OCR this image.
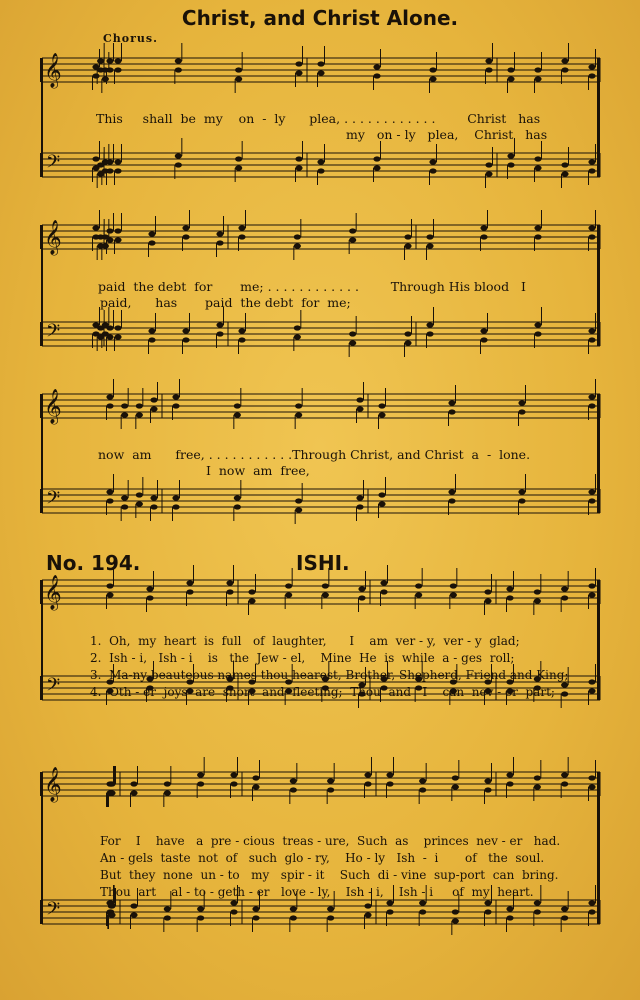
Christ, and Christ Alone.
Chorus.
𝄞
𝄢
𝄞
𝄢
𝄞
𝄢
𝄞
𝄢
𝄞
𝄢
This     shall  be  my    on  -  ly      plea, . . . . . . . . . . . .        Christ   has
my   on - ly   plea,    Christ   has
paid  the debt  for       me; . . . . . . . . . . . .        Through His blood   I
paid,      has       paid  the debt  for  me;
now  am      free, . . . . . . . . . . .Through Christ, and Christ  a  -  lone.
I  now  am  free,
No. 194.	ISHI.
1.  Oh,  my  heart  is  full   of  laughter,      I    am  ver - y,  ver - y  glad;
2.  Ish - i,   Ish - i    is   the  Jew - el,    Mine  He  is  while  a - ges  roll;
3.  Ma-ny beauteous names thou hearest, Brother, Shepherd, Friend and King;
4.  Oth - er  joys  are  short  and  fleeting;  Thou  and   I    can  nev - er  part;
For    I    have   a  pre - cious  treas - ure,  Such  as    princes  nev - er   had.
An - gels  taste  not  of   such  glo - ry,    Ho - ly   Ish  -  i       of   the  soul.
But  they  none  un - to   my   spir - it    Such  di - vine  sup-port  can  bring.
Thou  art    al - to - geth - er   love - ly,    Ish - i,    Ish - i     of  my  heart.
